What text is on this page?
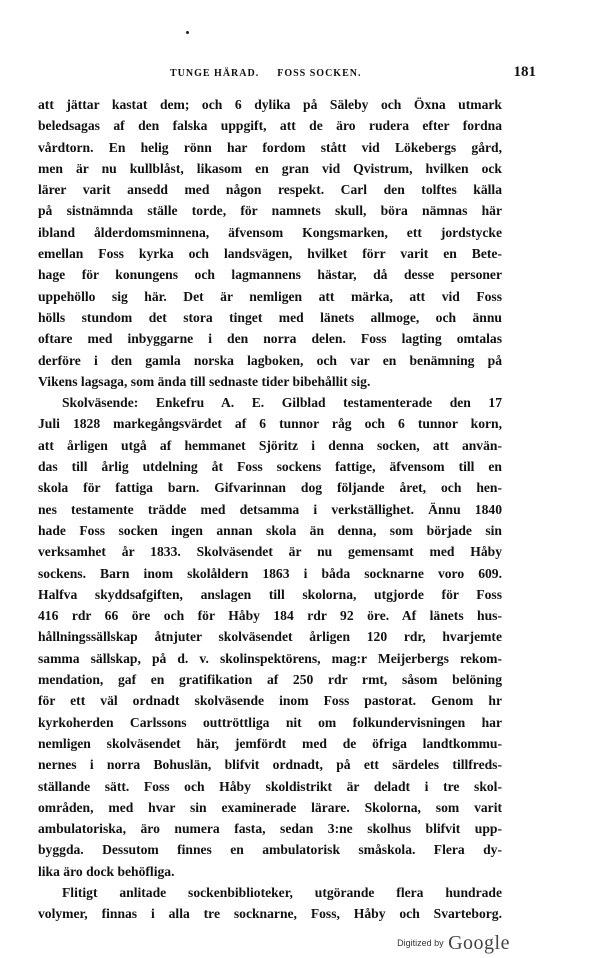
TUNGE HÄRAD. FOSS SOCKEN.	181
att jättar kastat dem; och 6 dylika på Säleby och Öxna utmark
beledsagas af den falska uppgift, att de äro rudera efter fordna
vårdtorn. En helig rönn har fordom stått vid Lökebergs gård,
men är nu kullblåst, likasom en gran vid Qvistrum, hvilken ock
lärer varit ansedd med någon respekt. Carl den tolftes källa
på sistnämnda ställe torde, för namnets skull, böra nämnas här
ibland ålderdomsminnena, äfvensom Kongsmarken, ett jordstycke
emellan Foss kyrka och landsvägen, hvilket förr varit en Bete-
hage för konungens och lagmannens hästar, då desse personer
uppehöllo sig här. Det är nemligen att märka, att vid Foss
hölls stundom det stora tinget med länets allmoge, och ännu
oftare med inbyggarne i den norra delen. Foss lagting omtalas
derföre i den gamla norska lagboken, och var en benämning på
Vikens lagsaga, som ända till sednaste tider bibehållit sig.
Skolväsende: Enkefru A. E. Gilblad testamenterade den 17
Juli 1828 markegångsvärdet af 6 tunnor råg och 6 tunnor korn,
att årligen utgå af hemmanet Sjöritz i denna socken, att använ-
das till årlig utdelning åt Foss sockens fattige, äfvensom till en
skola för fattiga barn. Gifvarinnan dog följande året, och hen-
nes testamente trädde med detsamma i verkställighet. Ännu 1840
hade Foss socken ingen annan skola än denna, som började sin
verksamhet år 1833. Skolväsendet är nu gemensamt med Håby
sockens. Barn inom skolåldern 1863 i båda socknarne voro 609.
Halfva skyddsafgiften, anslagen till skolorna, utgjorde för Foss
416 rdr 66 öre och för Håby 184 rdr 92 öre. Af länets hus-
hållningssällskap åtnjuter skolväsendet årligen 120 rdr, hvarjemte
samma sällskap, på d. v. skolinspektörens, mag:r Meijerbergs rekom-
mendation, gaf en gratifikation af 250 rdr rmt, såsom belöning
för ett väl ordnadt skolväsende inom Foss pastorat. Genom hr
kyrkoherden Carlssons outtröttliga nit om folkundervisningen har
nemligen skolväsendet här, jemfördt med de öfriga landtkommu-
nernes i norra Bohuslän, blifvit ordnadt, på ett särdeles tillfreds-
ställande sätt. Foss och Håby skoldistrikt är deladt i tre skol-
områden, med hvar sin examinerade lärare. Skolorna, som varit
ambulatoriska, äro numera fasta, sedan 3:ne skolhus blifvit upp-
byggda. Dessutom finnes en ambulatorisk småskola. Flera dy-
lika äro dock behöfliga.
Flitigt anlitade sockenbiblioteker, utgörande flera hundrade
volymer, finnas i alla tre socknarne, Foss, Håby och Svarteborg.
Digitized by Google
